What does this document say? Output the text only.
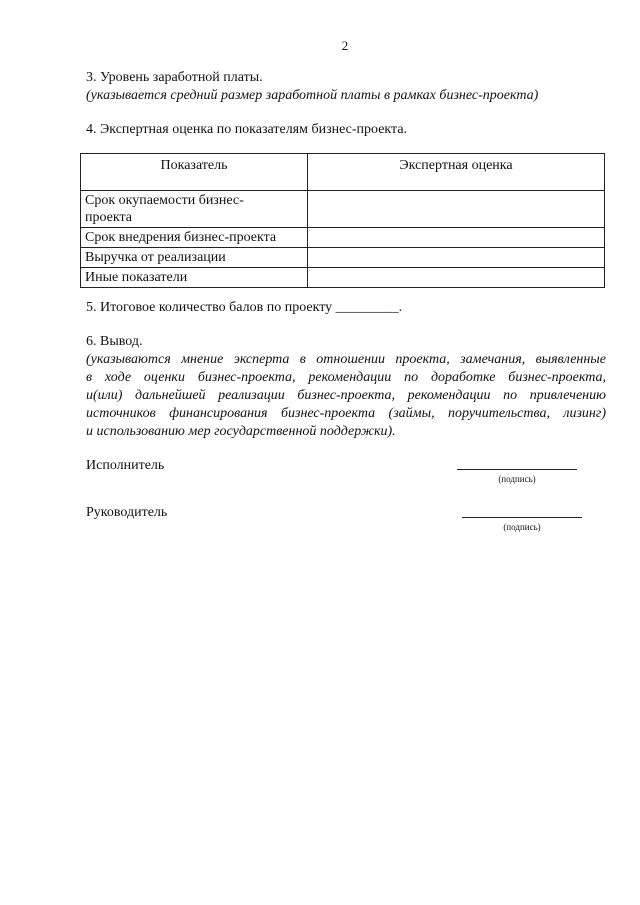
2
3. Уровень заработной платы.
(указывается средний размер заработной платы в рамках бизнес-проекта)
4. Экспертная оценка по показателям бизнес-проекта.
Показатель	Экспертная оценка
Срок окупаемости бизнес-
проекта	
Срок внедрения бизнес-проекта	
Выручка от реализации	
Иные показатели	
5. Итоговое количество балов по проекту _________.
6. Вывод.
(указываются мнение эксперта в отношении проекта, замечания, выявленные
в ходе оценки бизнес-проекта, рекомендации по доработке бизнес-проекта,
и(или) дальнейшей реализации бизнес-проекта, рекомендации по привлечению
источников финансирования бизнес-проекта (займы, поручительства, лизинг)
и использованию мер государственной поддержки).
Исполнитель
(подпись)
Руководитель
(подпись)
